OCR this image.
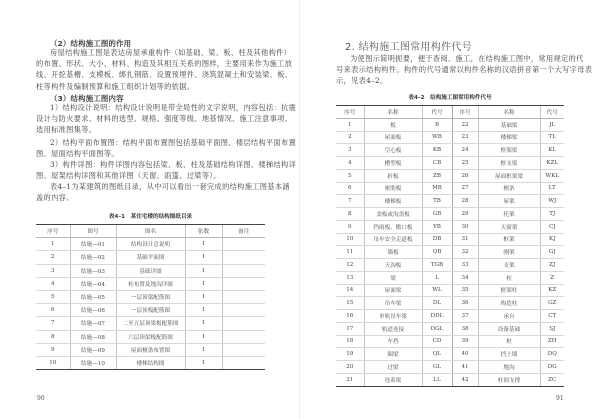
（2）结构施工图的作用
房屋结构施工图是表达房屋承重构件（如基础、梁、板、柱及其他构件）
的布置、形状、大小、材料、构造及其相互关系的图样，主要用来作为施工放
线、开挖基槽、支模板、绑扎钢筋、设置预埋件、浇筑混凝土和安装梁、板、
柱等构件及编制预算和施工组织计划等的依据。
（3）结构施工图内容
1）结构设计说明：结构设计说明是带全局性的文字说明，内容包括：抗震
设计与防火要求、材料的选型、规格、强度等级、地基情况、施工注意事项、
选用标准图集等。
2）结构平面布置图：结构平面布置图包括基础平面图、楼层结构平面布置
图、屋面结构平面图等。
3）构件详图：构件详图内容包括梁、板、柱及基础结构详图、楼梯结构详
图、屋架结构详图和其他详图（天窗、雨篷、过梁等）。
表4–1为某建筑的图纸目录，从中可以看出一套完成的结构施工图基本涵
盖的内容。
表4–1　某住宅楼的结构图纸目录
序号	图号	图名	张数	备注
1	结施—01	结构设计总说明	1	
2	结施—02	基础平面图	1	
3	结施—03	基础详图	1	
4	结施—04	柱布置及地沟详图	1	
5	结施—05	一层顶梁配筋图	1	
6	结施—06	一层顶板配筋图	1	
7	结施—07	二至五层顶梁板配筋图	1	
8	结施—08	六层顶梁板配筋图	1	
9	结施—09	屋面檩条布置图	1	
10	结施—10	楼梯结构图	1	
90
2. 结构施工图常用构件代号
为使图示简明扼要，便于查阅、施工，在结构施工图中，常用规定的代
号来表示结构构件。构件的代号通常以构件名称的汉语拼音第一个大写字母表
示，见表4–2。
表4–2　结构施工图常用构件代号
91
序号	名称	代号	序号	名称	代号
1	板	B	22	基础梁	JL
2	屋面板	WB	23	楼梯梁	TL
3	空心板	KB	24	框架梁	KL
4	槽型板	CB	25	框支梁	KZL
5	折板	ZB	26	屋面框架梁	WKL
6	密肋板	MB	27	檩条	LT
7	楼梯板	TB	28	屋架	WJ
8	盖板或沟盖板	GB	29	托架	TJ
9	挡雨板、檐口板	YB	30	天窗架	CJ
10	吊车安全走道板	DB	31	框架	KJ
11	墙板	QB	32	刚架	GJ
12	天沟板	TGB	33	支架	ZJ
13	梁	L	34	柱	Z
14	屋面梁	WL	35	框架柱	KZ
15	吊车梁	DL	36	构造柱	GZ
16	单轨吊车梁	DDL	37	承台	CT
17	轨道连接	DGL	38	设备基础	SJ
18	车挡	CD	39	桩	ZH
19	圈梁	QL	40	挡土墙	DQ
20	过梁	GL	41	地沟	DG
21	连系梁	LL	42	柱间支撑	ZC
